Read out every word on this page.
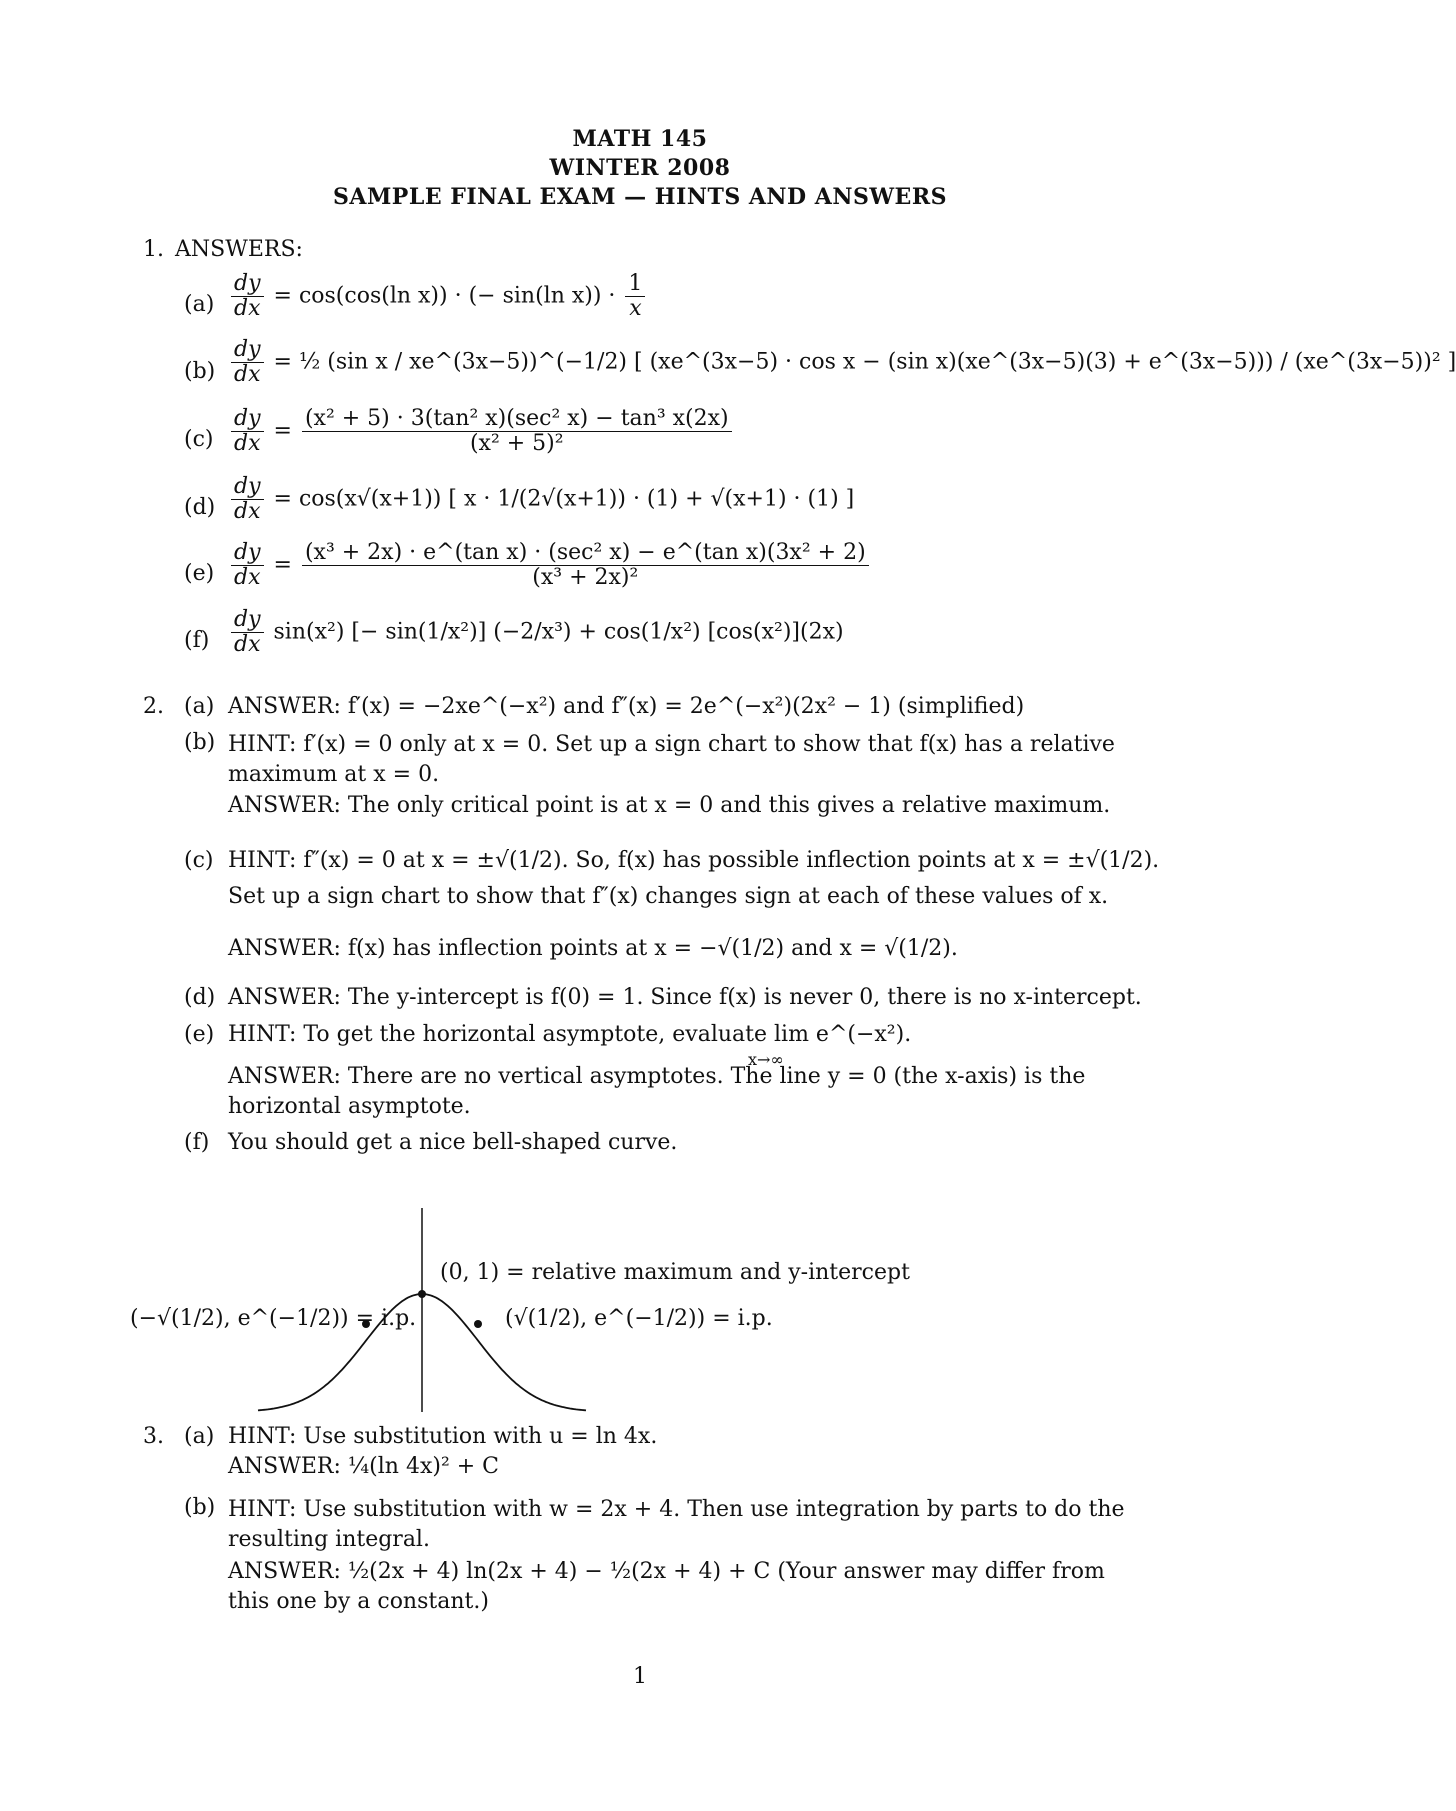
MATH 145
WINTER 2008
SAMPLE FINAL EXAM — HINTS AND ANSWERS
1. ANSWERS:
$(a) \frac{dy}{dx} = \cos(\cos(\ln$ x)) · (− sin(ln $x)) \cdot \frac{1}{x}$
$(b) \frac{dy}{dx}$ = ½ (sin x / xe^(3x−5))^(−1/2) [ (xe^(3x−5) · cos x − (sin x)(xe^(3x−5)(3) + e^(3x−5))) / (xe^(3x−5))² ]
$(c) \frac{dy}{dx} = \frac{\text{(x² + 5) · 3(tan² x)(sec² x) − tan³ x(2x)}}{\text{(x² + 5)²}}$
$(d) \frac{dy}{dx} = \cos(x√(x+1))$ [ x · 1/(2√(x+1)) · (1) + √(x+1) · (1) ]
$(e) \frac{dy}{dx} = \frac{\text{(x³ + 2x) · e\textasciicircum{}(tan x) · (sec² x) − e\textasciicircum{}(tan x)(3x² + 2)}}{\text{(x³ + 2x)²}}$
$(f) \frac{dy}{dx} \sin(x^2)$ [− sin(1/x²)] (−2/x³) + cos(1/x²) [cos(x²)](2x)
2. (a) ANSWER: f′(x) = −2xe^(−x²) and f″(x) = 2e^(−x²)(2x² − 1) (simplified)
(b) HINT: f′(x) = 0 only at x = 0. Set up a sign chart to show that f(x) has a relative maximum at x = 0.
ANSWER: The only critical point is at x = 0 and this gives a relative maximum.
(c) HINT: f″(x) = 0 at x = ±√(1/2). So, f(x) has possible inflection points at x = ±√(1/2).
Set up a sign chart to show that f″(x) changes sign at each of these values of x.
ANSWER: f(x) has inflection points at x = −√(1/2) and x = √(1/2).
(d) ANSWER: The y-intercept is f(0) = 1. Since f(x) is never 0, there is no x-intercept.
(e) HINT: To get the horizontal asymptote, evaluate lim e^(−x²).
x→∞
ANSWER: There are no vertical asymptotes. The line y = 0 (the x-axis) is the horizontal asymptote.
(f) You should get a nice bell-shaped curve.
(0, 1) = relative maximum and y-intercept
(−√(1/2), e^(−1/2)) = i.p.	(√(1/2), e^(−1/2)) = i.p.
3. (a) HINT: Use substitution with u = ln 4x.
ANSWER: ¼(ln 4x)² + C
(b) HINT: Use substitution with w = 2x + 4. Then use integration by parts to do the resulting integral.
ANSWER: ½(2x + 4) ln(2x + 4) − ½(2x + 4) + C (Your answer may differ from this one by a constant.)
1
